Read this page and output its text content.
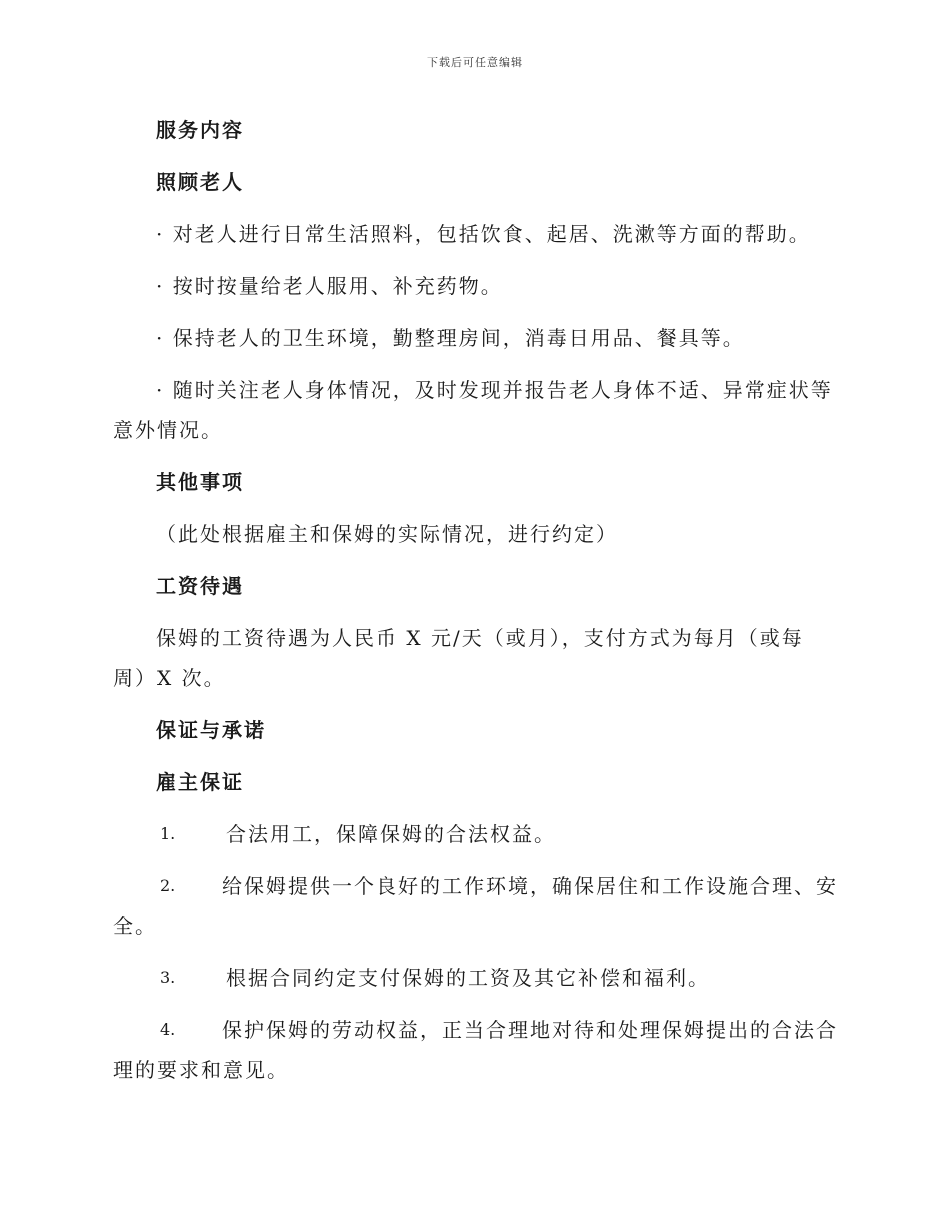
下载后可任意编辑

服务内容

照顾老人

· 对老人进行日常生活照料，包括饮食、起居、洗漱等方面的帮助。

· 按时按量给老人服用、补充药物。

· 保持老人的卫生环境，勤整理房间，消毒日用品、餐具等。

· 随时关注老人身体情况，及时发现并报告老人身体不适、异常症状等

意外情况。

其他事项

（此处根据雇主和保姆的实际情况，进行约定）

工资待遇

保姆的工资待遇为人民币 X 元/天（或月），支付方式为每月（或每

周）X 次。

保证与承诺

雇主保证

1.	合法用工，保障保姆的合法权益。
2.	给保姆提供一个良好的工作环境，确保居住和工作设施合理、安

全。

3.	根据合同约定支付保姆的工资及其它补偿和福利。
4.	保护保姆的劳动权益，正当合理地对待和处理保姆提出的合法合

理的要求和意见。
